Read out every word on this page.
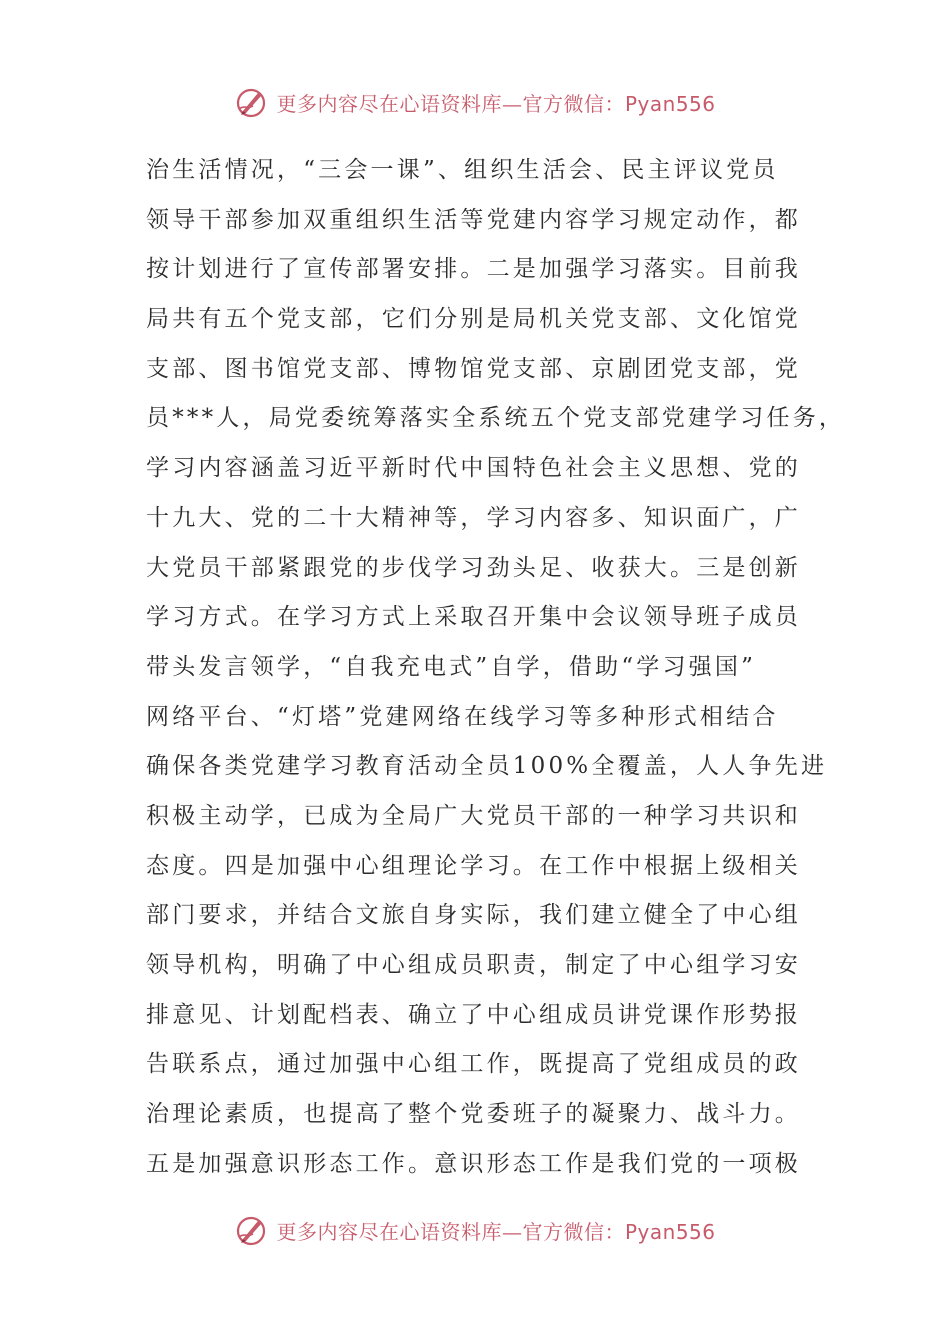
更多内容尽在心语资料库—官方微信：Pyan556
治生活情况，“三会一课”、组织生活会、民主评议党员
领导干部参加双重组织生活等党建内容学习规定动作，都
按计划进行了宣传部署安排。二是加强学习落实。目前我
局共有五个党支部，它们分别是局机关党支部、文化馆党
支部、图书馆党支部、博物馆党支部、京剧团党支部，党
员***人，局党委统筹落实全系统五个党支部党建学习任务，
学习内容涵盖习近平新时代中国特色社会主义思想、党的
十九大、党的二十大精神等，学习内容多、知识面广，广
大党员干部紧跟党的步伐学习劲头足、收获大。三是创新
学习方式。在学习方式上采取召开集中会议领导班子成员
带头发言领学，“自我充电式”自学，借助“学习强国”
网络平台、“灯塔”党建网络在线学习等多种形式相结合
确保各类党建学习教育活动全员100%全覆盖，人人争先进
积极主动学，已成为全局广大党员干部的一种学习共识和
态度。四是加强中心组理论学习。在工作中根据上级相关
部门要求，并结合文旅自身实际，我们建立健全了中心组
领导机构，明确了中心组成员职责，制定了中心组学习安
排意见、计划配档表、确立了中心组成员讲党课作形势报
告联系点，通过加强中心组工作，既提高了党组成员的政
治理论素质，也提高了整个党委班子的凝聚力、战斗力。
五是加强意识形态工作。意识形态工作是我们党的一项极
更多内容尽在心语资料库—官方微信：Pyan556
